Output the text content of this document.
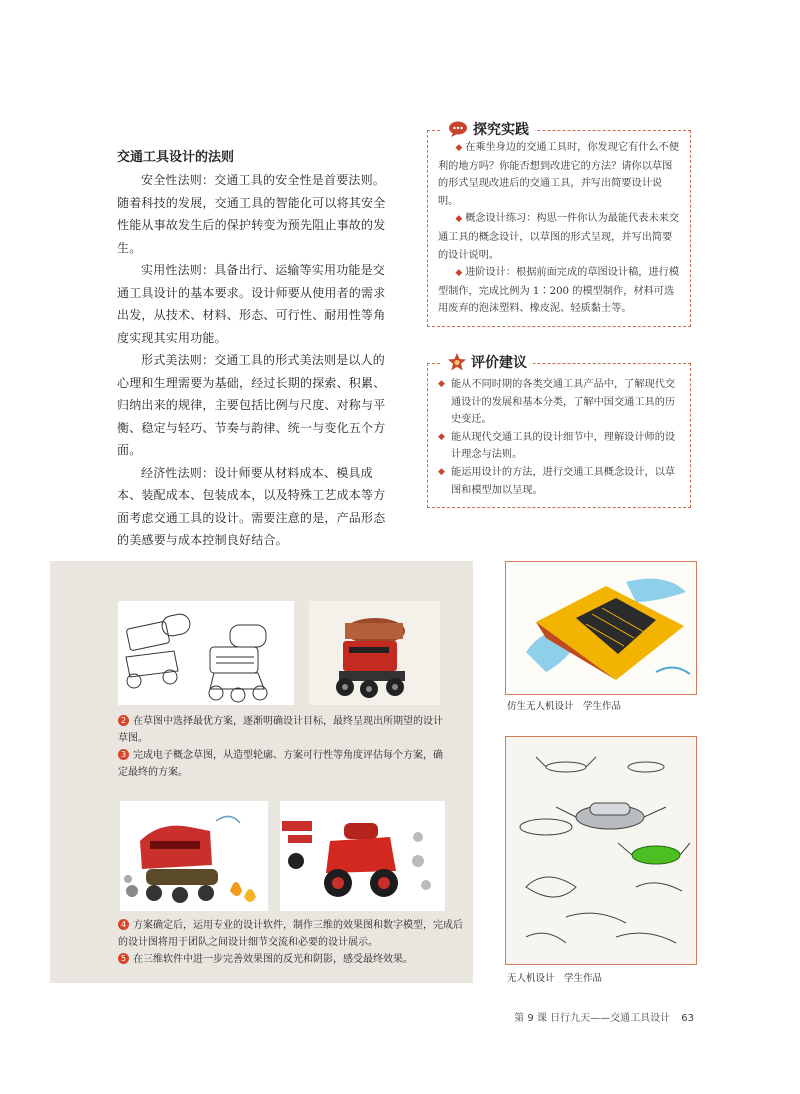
交通工具设计的法则

安全性法则：交通工具的安全性是首要法则。随着科技的发展，交通工具的智能化可以将其安全性能从事故发生后的保护转变为预先阻止事故的发生。

实用性法则：具备出行、运输等实用功能是交通工具设计的基本要求。设计师要从使用者的需求出发，从技术、材料、形态、可行性、耐用性等角度实现其实用功能。

形式美法则：交通工具的形式美法则是以人的心理和生理需要为基础，经过长期的探索、积累、归纳出来的规律，主要包括比例与尺度、对称与平衡、稳定与轻巧、节奏与韵律、统一与变化五个方面。

经济性法则：设计师要从材料成本、模具成本、装配成本、包装成本，以及特殊工艺成本等方面考虑交通工具的设计。需要注意的是，产品形态的美感要与成本控制良好结合。

探究实践

◆ 在乘坐身边的交通工具时，你发现它有什么不便利的地方吗？你能否想到改进它的方法？请你以草图的形式呈现改进后的交通工具，并写出简要设计说明。

◆ 概念设计练习：构思一件你认为最能代表未来交通工具的概念设计，以草图的形式呈现，并写出简要的设计说明。

◆ 进阶设计：根据前面完成的草图设计稿，进行模型制作，完成比例为 1∶200 的模型制作，材料可选用废弃的泡沫塑料、橡皮泥、轻质黏土等。

评价建议
◆ 能从不同时期的各类交通工具产品中，了解现代交通设计的发展和基本分类，了解中国交通工具的历史变迁。
◆ 能从现代交通工具的设计细节中，理解设计师的设计理念与法则。
◆ 能运用设计的方法，进行交通工具概念设计，以草图和模型加以呈现。
2 在草图中选择最优方案，逐渐明确设计目标，最终呈现出所期望的设计草图。
3 完成电子概念草图，从造型轮廓、方案可行性等角度评估每个方案，确定最终的方案。
4 方案确定后，运用专业的设计软件，制作三维的效果图和数字模型，完成后的设计图将用于团队之间设计细节交流和必要的设计展示。
5 在三维软件中进一步完善效果图的反光和阴影，感受最终效果。
仿生无人机设计　学生作品
无人机设计　学生作品
第 9 课 日行九天——交通工具设计 63
